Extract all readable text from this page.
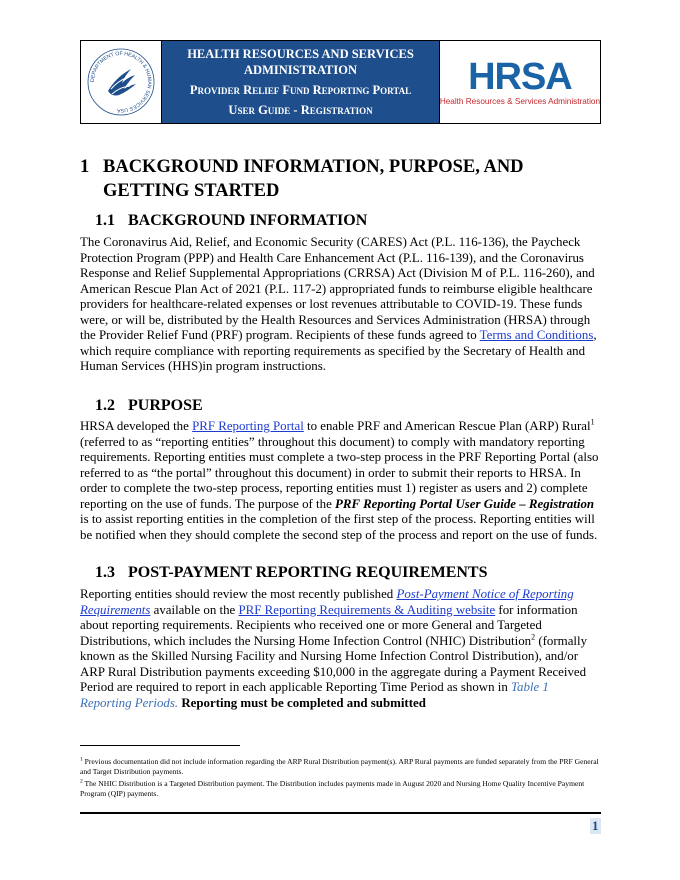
DEPARTMENT OF HEALTH & HUMAN SERVICES USA
HEALTH RESOURCES AND SERVICES ADMINISTRATION
Provider Relief Fund Reporting Portal
User Guide - Registration
HRSA
Health Resources & Services Administration
1 BACKGROUND INFORMATION, PURPOSE, AND GETTING STARTED
1.1 BACKGROUND INFORMATION
The Coronavirus Aid, Relief, and Economic Security (CARES) Act (P.L. 116-136), the Paycheck Protection Program (PPP) and Health Care Enhancement Act (P.L. 116-139), and the Coronavirus Response and Relief Supplemental Appropriations (CRRSA) Act (Division M of P.L. 116-260), and American Rescue Plan Act of 2021 (P.L. 117-2) appropriated funds to reimburse eligible healthcare providers for healthcare-related expenses or lost revenues attributable to COVID-19. These funds were, or will be, distributed by the Health Resources and Services Administration (HRSA) through the Provider Relief Fund (PRF) program. Recipients of these funds agreed to Terms and Conditions, which require compliance with reporting requirements as specified by the Secretary of Health and Human Services (HHS)in program instructions.
1.2 PURPOSE
HRSA developed the PRF Reporting Portal to enable PRF and American Rescue Plan (ARP) Rural$^1$ (referred to as “reporting entities” throughout this document) to comply with mandatory reporting requirements. Reporting entities must complete a two-step process in the PRF Reporting Portal (also referred to as “the portal” throughout this document) in order to submit their reports to HRSA. In order to complete the two-step process, reporting entities must 1) register as users and 2) complete reporting on the use of funds. The purpose of the PRF Reporting Portal User Guide – Registration is to assist reporting entities in the completion of the first step of the process. Reporting entities will be notified when they should complete the second step of the process and report on the use of funds.
1.3 POST-PAYMENT REPORTING REQUIREMENTS
Reporting entities should review the most recently published Post-Payment Notice of Reporting Requirements available on the PRF Reporting Requirements & Auditing website for information about reporting requirements. Recipients who received one or more General and Targeted Distributions, which includes the Nursing Home Infection Control (NHIC) Distribution$^2$ (formally known as the Skilled Nursing Facility and Nursing Home Infection Control Distribution), and/or ARP Rural Distribution payments exceeding $10,000 in the aggregate during a Payment Received Period are required to report in each applicable Reporting Time Period as shown in Table 1 Reporting Periods. Reporting must be completed and submitted
$^1$ Previous documentation did not include information regarding the ARP Rural Distribution payment(s). ARP Rural payments are funded separately from the PRF General and Target Distribution payments.
$^2$ The NHIC Distribution is a Targeted Distribution payment. The Distribution includes payments made in August 2020 and Nursing Home Quality Incentive Payment Program (QIP) payments.
1
